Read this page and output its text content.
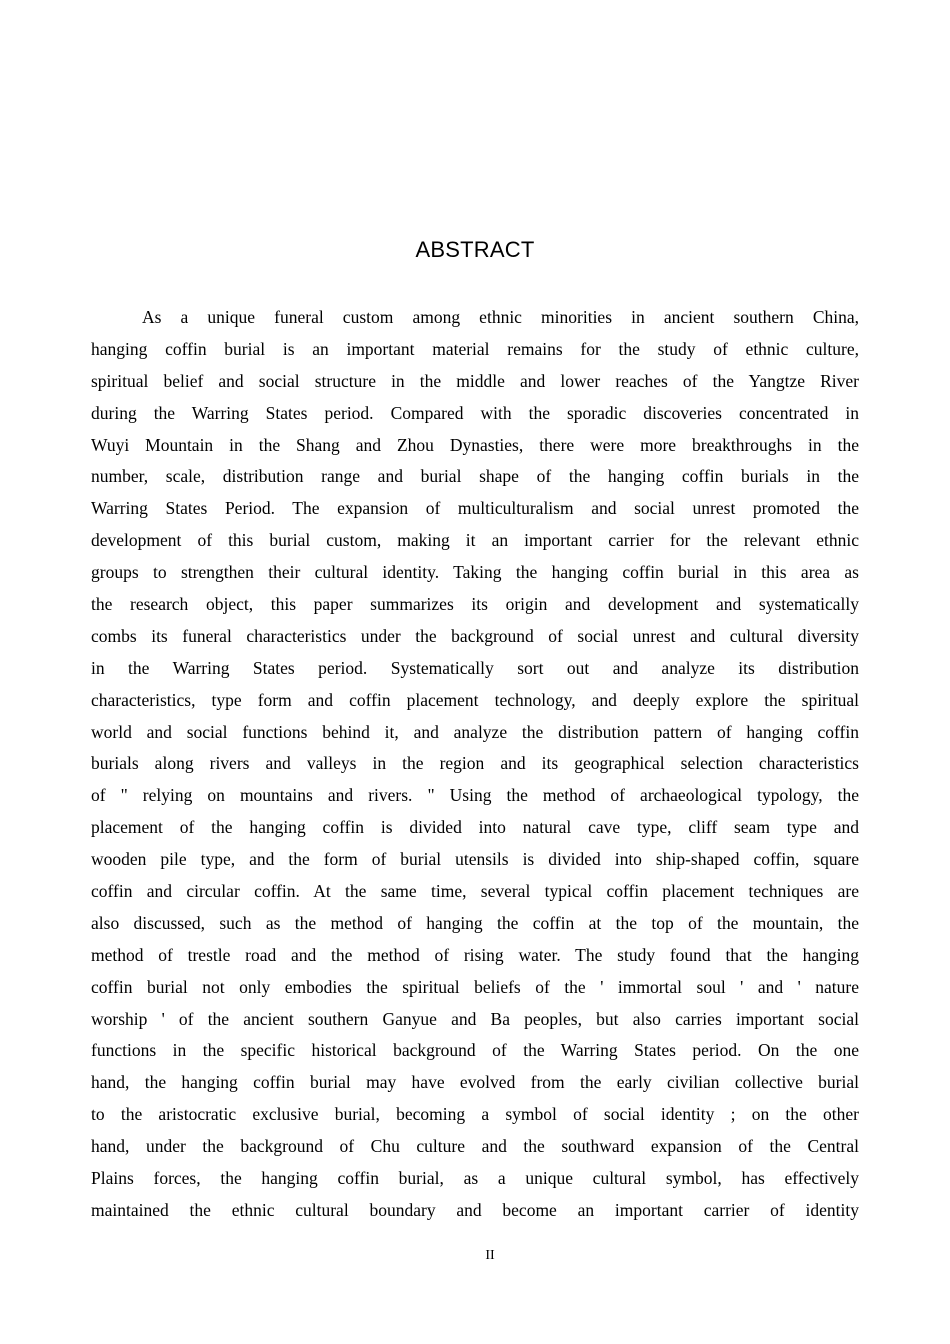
ABSTRACT
As a unique funeral custom among ethnic minorities in ancient southern China,
hanging coffin burial is an important material remains for the study of ethnic culture,
spiritual belief and social structure in the middle and lower reaches of the Yangtze River
during the Warring States period. Compared with the sporadic discoveries concentrated in
Wuyi Mountain in the Shang and Zhou Dynasties, there were more breakthroughs in the
number, scale, distribution range and burial shape of the hanging coffin burials in the
Warring States Period. The expansion of multiculturalism and social unrest promoted the
development of this burial custom, making it an important carrier for the relevant ethnic
groups to strengthen their cultural identity. Taking the hanging coffin burial in this area as
the research object, this paper summarizes its origin and development and systematically
combs its funeral characteristics under the background of social unrest and cultural diversity
in the Warring States period. Systematically sort out and analyze its distribution
characteristics, type form and coffin placement technology, and deeply explore the spiritual
world and social functions behind it, and analyze the distribution pattern of hanging coffin
burials along rivers and valleys in the region and its geographical selection characteristics
of " relying on mountains and rivers. " Using the method of archaeological typology, the
placement of the hanging coffin is divided into natural cave type, cliff seam type and
wooden pile type, and the form of burial utensils is divided into ship-shaped coffin, square
coffin and circular coffin. At the same time, several typical coffin placement techniques are
also discussed, such as the method of hanging the coffin at the top of the mountain, the
method of trestle road and the method of rising water. The study found that the hanging
coffin burial not only embodies the spiritual beliefs of the ' immortal soul ' and ' nature
worship ' of the ancient southern Ganyue and Ba peoples, but also carries important social
functions in the specific historical background of the Warring States period. On the one
hand, the hanging coffin burial may have evolved from the early civilian collective burial
to the aristocratic exclusive burial, becoming a symbol of social identity ; on the other
hand, under the background of Chu culture and the southward expansion of the Central
Plains forces, the hanging coffin burial, as a unique cultural symbol, has effectively
maintained the ethnic cultural boundary and become an important carrier of identity
II
